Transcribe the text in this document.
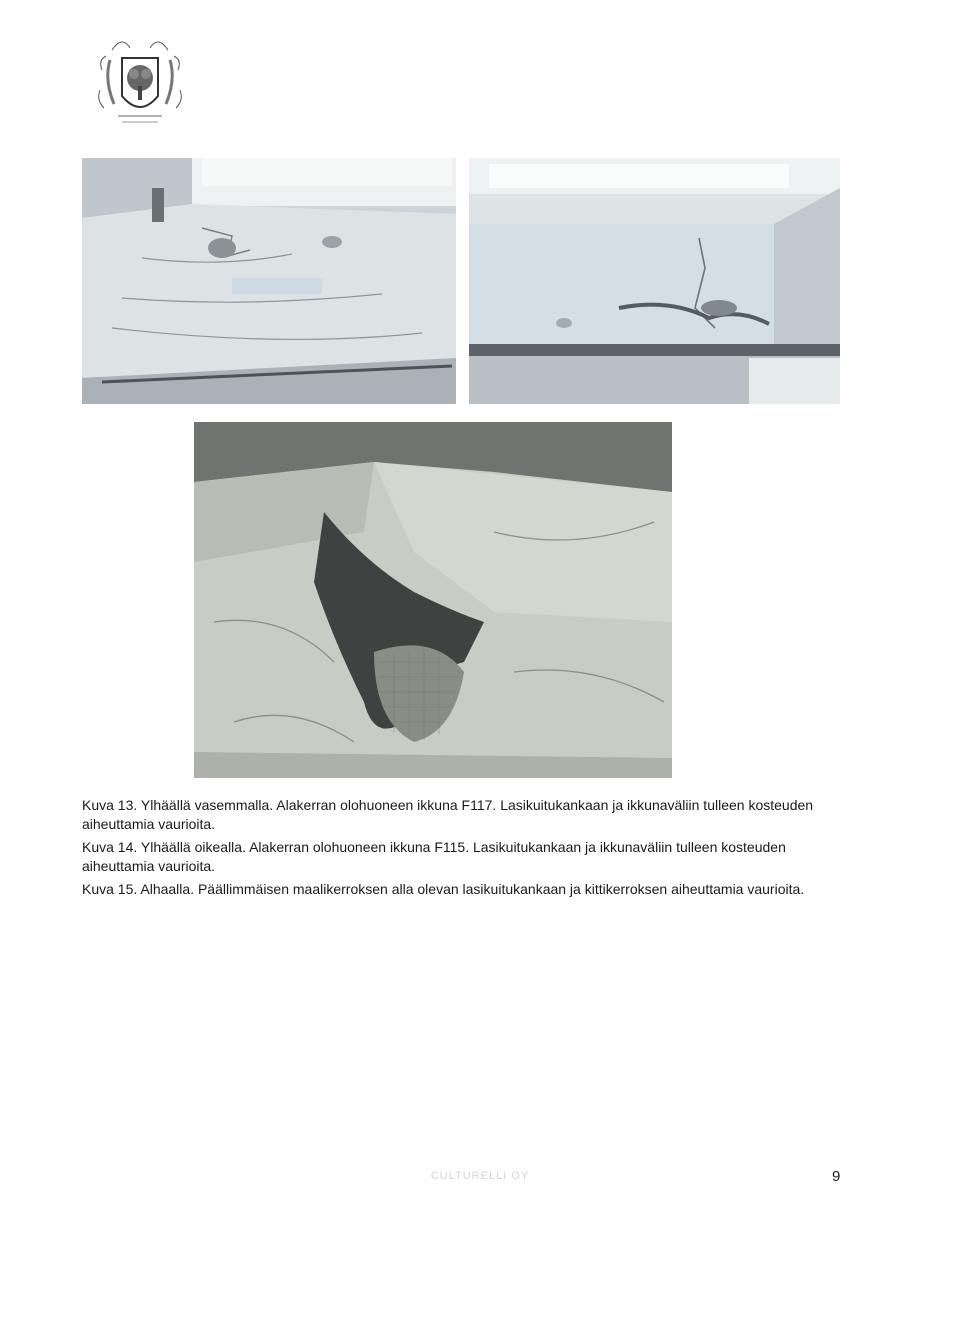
Kuva 13. Ylhäällä vasemmalla. Alakerran olohuoneen ikkuna F117. Lasikuitukankaan ja ikkunaväliin tulleen kosteuden aiheuttamia vaurioita.

Kuva 14. Ylhäällä oikealla. Alakerran olohuoneen ikkuna F115. Lasikuitukankaan ja ikkunaväliin tulleen kosteuden aiheuttamia vaurioita.

Kuva 15. Alhaalla. Päällimmäisen maalikerroksen alla olevan lasikuitukankaan ja kittikerroksen aiheuttamia vaurioita.

CULTURELLI OY	9
